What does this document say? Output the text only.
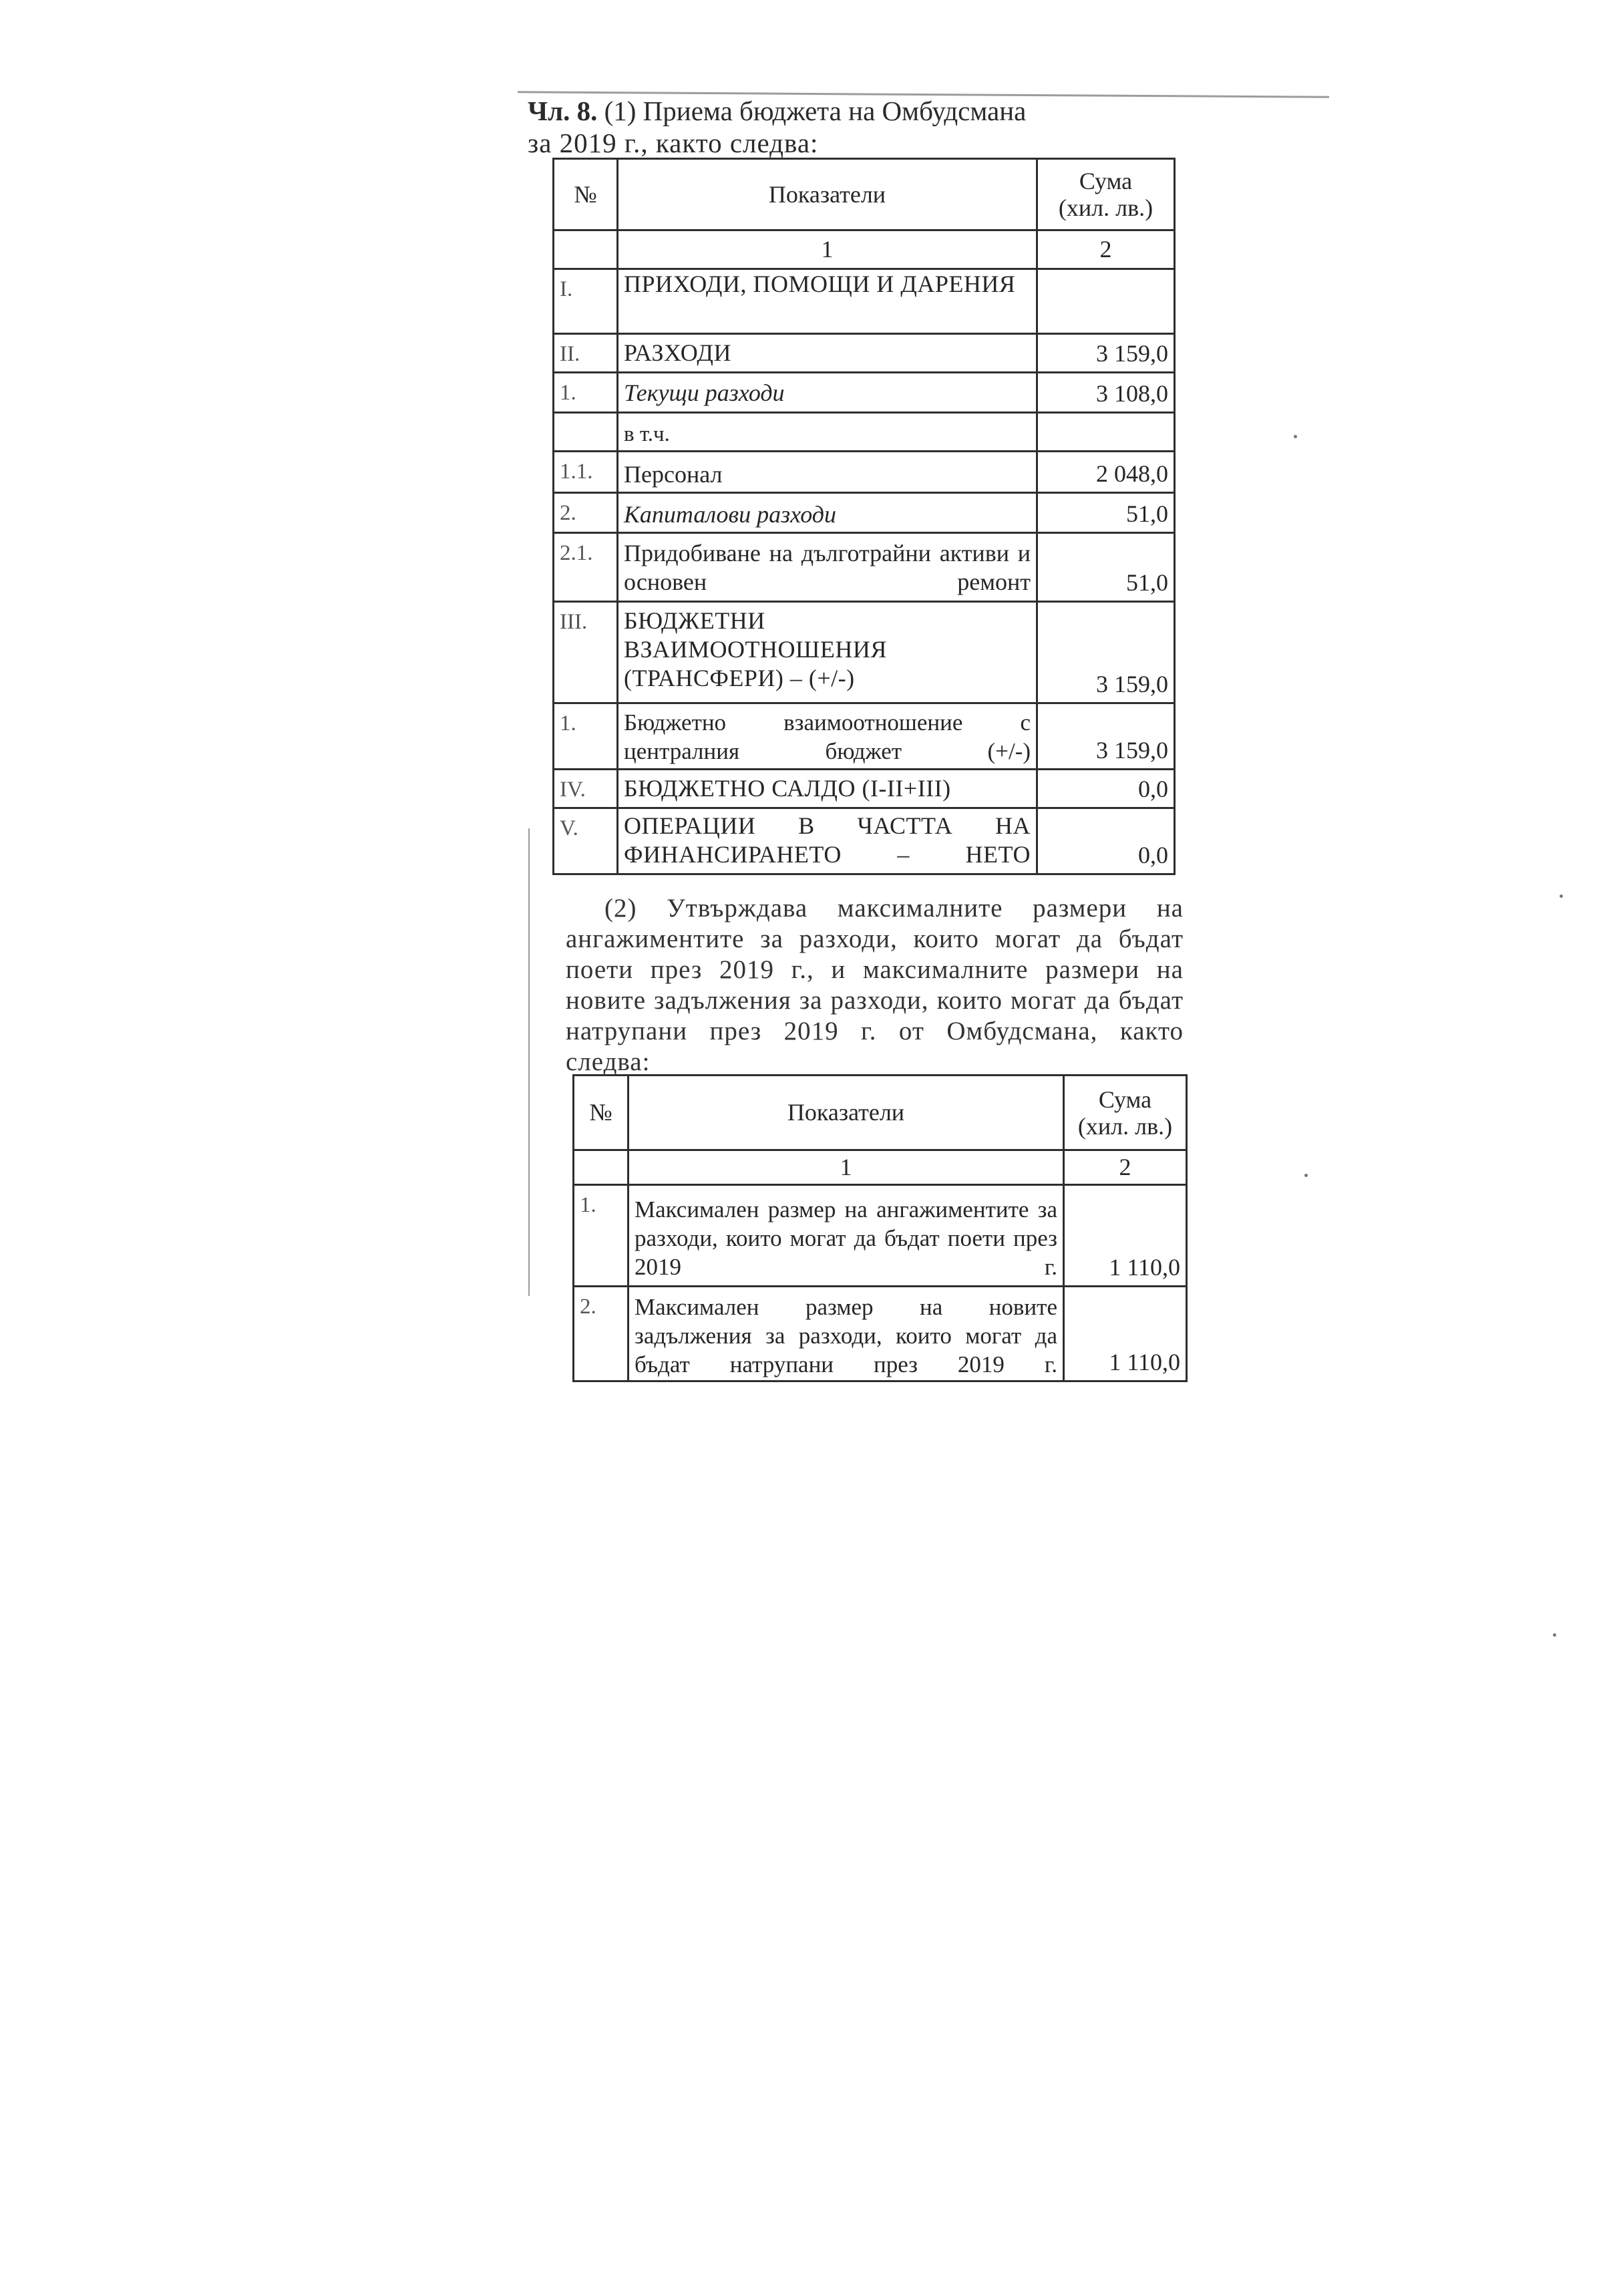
Чл. 8. (1) Приема бюджета на Омбудсмана
за 2019 г., както следва:
№	Показатели	Сума
(хил. лв.)
	1	2
I.	ПРИХОДИ, ПОМОЩИ И ДАРЕНИЯ	
II.	РАЗХОДИ	3 159,0
1.	Текущи разходи	3 108,0
	в т.ч.	
1.1.	Персонал	2 048,0
2.	Капиталови разходи	51,0
2.1.	Придобиване на дълготрайни активи и основен ремонт	51,0
III.	БЮДЖЕТНИ ВЗАИМООТНОШЕНИЯ (ТРАНСФЕРИ) – (+/-)	3 159,0
1.	Бюджетно взаимоотношение с централния бюджет (+/-)	3 159,0
IV.	БЮДЖЕТНО САЛДО (I-II+III)	0,0
V.	ОПЕРАЦИИ В ЧАСТТА НА ФИНАНСИРАНЕТО – НЕТО	0,0
(2) Утвърждава максималните размери на ангажиментите за разходи, които могат да бъдат поети през 2019 г., и максималните размери на новите задължения за разходи, които могат да бъдат натрупани през 2019 г. от Омбудсмана, както следва:
№	Показатели	Сума
(хил. лв.)
	1	2
1.	Максимален размер на ангажиментите за разходи, които могат да бъдат поети през 2019 г.	1 110,0
2.	Максимален размер на новите задължения за разходи, които могат да бъдат натрупани през 2019 г.	1 110,0
